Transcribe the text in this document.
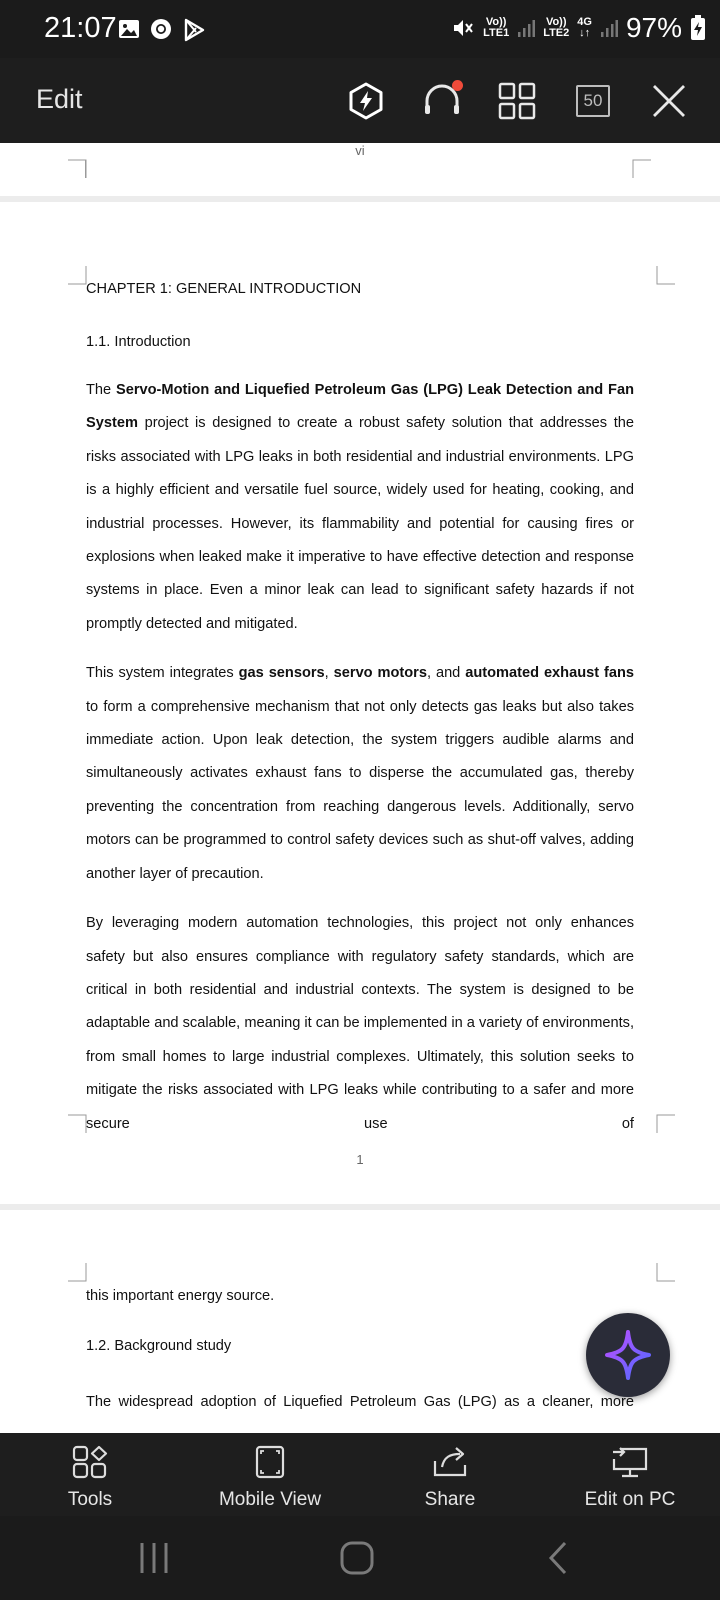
21:07	Vo))
LTE1
Vo))
LTE2
4G
↓↑ 97%
Edit	50
vi
CHAPTER 1: GENERAL INTRODUCTION
1.1. Introduction

The Servo-Motion and Liquefied Petroleum Gas (LPG) Leak Detection and Fan System project is designed to create a robust safety solution that addresses the risks associated with LPG leaks in both residential and industrial environments. LPG is a highly efficient and versatile fuel source, widely used for heating, cooking, and industrial processes. However, its flammability and potential for causing fires or explosions when leaked make it imperative to have effective detection and response systems in place. Even a minor leak can lead to significant safety hazards if not promptly detected and mitigated.

This system integrates gas sensors, servo motors, and automated exhaust fans to form a comprehensive mechanism that not only detects gas leaks but also takes immediate action. Upon leak detection, the system triggers audible alarms and simultaneously activates exhaust fans to disperse the accumulated gas, thereby preventing the concentration from reaching dangerous levels. Additionally, servo motors can be programmed to control safety devices such as shut-off valves, adding another layer of precaution.

By leveraging modern automation technologies, this project not only enhances safety but also ensures compliance with regulatory safety standards, which are critical in both residential and industrial contexts. The system is designed to be adaptable and scalable, meaning it can be implemented in a variety of environments, from small homes to large industrial complexes. Ultimately, this solution seeks to mitigate the risks associated with LPG leaks while contributing to a safer and more secure use of

1
this important energy source.
1.2. Background study
The widespread adoption of Liquefied Petroleum Gas (LPG) as a cleaner, more
Tools	Mobile View	Share	Edit on PC
